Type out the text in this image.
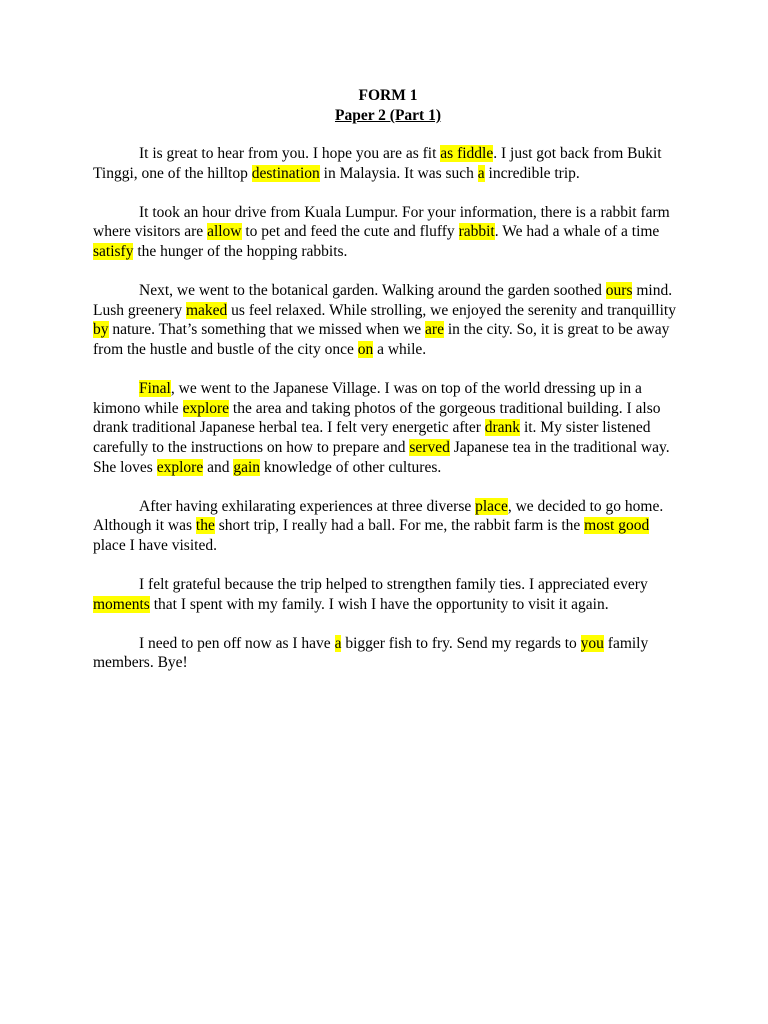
FORM 1
Paper 2 (Part 1)

It is great to hear from you. I hope you are as fit as fiddle. I just got back from Bukit Tinggi, one of the hilltop destination in Malaysia. It was such a incredible trip.

It took an hour drive from Kuala Lumpur. For your information, there is a rabbit farm where visitors are allow to pet and feed the cute and fluffy rabbit. We had a whale of a time satisfy the hunger of the hopping rabbits.

Next, we went to the botanical garden. Walking around the garden soothed ours mind. Lush greenery maked us feel relaxed. While strolling, we enjoyed the serenity and tranquillity by nature. That’s something that we missed when we are in the city. So, it is great to be away from the hustle and bustle of the city once on a while.

Final, we went to the Japanese Village. I was on top of the world dressing up in a kimono while explore the area and taking photos of the gorgeous traditional building. I also drank traditional Japanese herbal tea. I felt very energetic after drank it. My sister listened carefully to the instructions on how to prepare and served Japanese tea in the traditional way. She loves explore and gain knowledge of other cultures.

After having exhilarating experiences at three diverse place, we decided to go home. Although it was the short trip, I really had a ball. For me, the rabbit farm is the most good place I have visited.

I felt grateful because the trip helped to strengthen family ties. I appreciated every moments that I spent with my family. I wish I have the opportunity to visit it again.

I need to pen off now as I have a bigger fish to fry. Send my regards to you family members. Bye!
